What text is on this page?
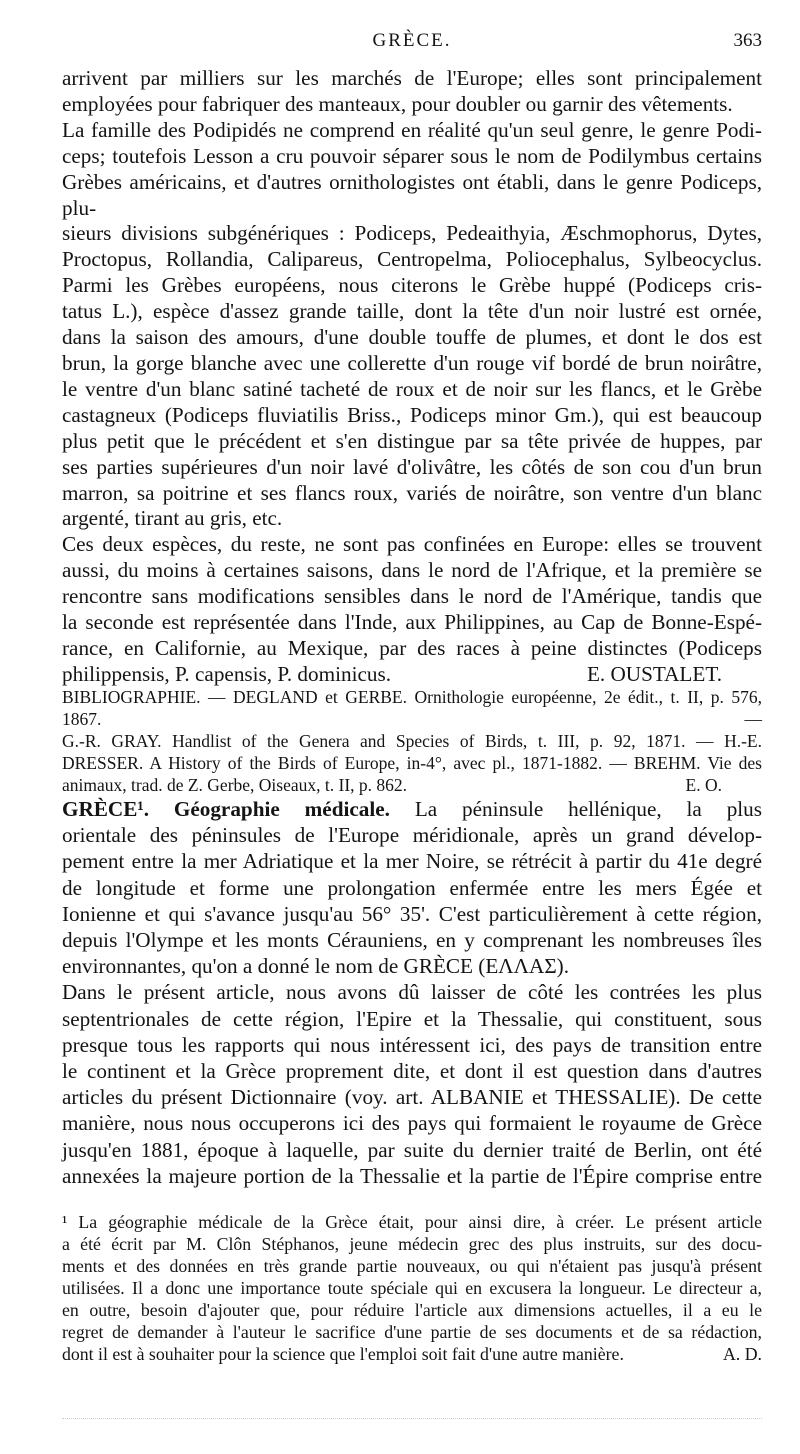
GRÈCE.	363
arrivent par milliers sur les marchés de l'Europe; elles sont principalement
employées pour fabriquer des manteaux, pour doubler ou garnir des vêtements.
La famille des Podipidés ne comprend en réalité qu'un seul genre, le genre Podi-
ceps; toutefois Lesson a cru pouvoir séparer sous le nom de Podilymbus certains
Grèbes américains, et d'autres ornithologistes ont établi, dans le genre Podiceps, plu-
sieurs divisions subgénériques : Podiceps, Pedeaithyia, Æschmophorus, Dytes,
Proctopus, Rollandia, Calipareus, Centropelma, Poliocephalus, Sylbeocyclus.
Parmi les Grèbes européens, nous citerons le Grèbe huppé (Podiceps cris-
tatus L.), espèce d'assez grande taille, dont la tête d'un noir lustré est ornée,
dans la saison des amours, d'une double touffe de plumes, et dont le dos est
brun, la gorge blanche avec une collerette d'un rouge vif bordé de brun noirâtre,
le ventre d'un blanc satiné tacheté de roux et de noir sur les flancs, et le Grèbe
castagneux (Podiceps fluviatilis Briss., Podiceps minor Gm.), qui est beaucoup
plus petit que le précédent et s'en distingue par sa tête privée de huppes, par
ses parties supérieures d'un noir lavé d'olivâtre, les côtés de son cou d'un brun
marron, sa poitrine et ses flancs roux, variés de noirâtre, son ventre d'un blanc
argenté, tirant au gris, etc.
Ces deux espèces, du reste, ne sont pas confinées en Europe: elles se trouvent
aussi, du moins à certaines saisons, dans le nord de l'Afrique, et la première se
rencontre sans modifications sensibles dans le nord de l'Amérique, tandis que
la seconde est représentée dans l'Inde, aux Philippines, au Cap de Bonne-Espé-
rance, en Californie, au Mexique, par des races à peine distinctes (Podiceps
philippensis, P. capensis, P. dominicus.	E. OUSTALET.
BIBLIOGRAPHIE. — DEGLAND et GERBE. Ornithologie européenne, 2e édit., t. II, p. 576, 1867. —
G.-R. GRAY. Handlist of the Genera and Species of Birds, t. III, p. 92, 1871. — H.-E.
DRESSER. A History of the Birds of Europe, in-4°, avec pl., 1871-1882. — BREHM. Vie des
animaux, trad. de Z. Gerbe, Oiseaux, t. II, p. 862.	E. O.
GRÈCE¹. Géographie médicale. La péninsule hellénique, la plus
orientale des péninsules de l'Europe méridionale, après un grand dévelop-
pement entre la mer Adriatique et la mer Noire, se rétrécit à partir du 41e degré
de longitude et forme une prolongation enfermée entre les mers Égée et
Ionienne et qui s'avance jusqu'au 56° 35'. C'est particulièrement à cette région,
depuis l'Olympe et les monts Cérauniens, en y comprenant les nombreuses îles
environnantes, qu'on a donné le nom de GRÈCE (ΕΛΛΑΣ).
Dans le présent article, nous avons dû laisser de côté les contrées les plus
septentrionales de cette région, l'Epire et la Thessalie, qui constituent, sous
presque tous les rapports qui nous intéressent ici, des pays de transition entre
le continent et la Grèce proprement dite, et dont il est question dans d'autres
articles du présent Dictionnaire (voy. art. ALBANIE et THESSALIE). De cette
manière, nous nous occuperons ici des pays qui formaient le royaume de Grèce
jusqu'en 1881, époque à laquelle, par suite du dernier traité de Berlin, ont été
annexées la majeure portion de la Thessalie et la partie de l'Épire comprise entre
¹ La géographie médicale de la Grèce était, pour ainsi dire, à créer. Le présent article
a été écrit par M. Clôn Stéphanos, jeune médecin grec des plus instruits, sur des docu-
ments et des données en très grande partie nouveaux, ou qui n'étaient pas jusqu'à présent
utilisées. Il a donc une importance toute spéciale qui en excusera la longueur. Le directeur a,
en outre, besoin d'ajouter que, pour réduire l'article aux dimensions actuelles, il a eu le
regret de demander à l'auteur le sacrifice d'une partie de ses documents et de sa rédaction,
dont il est à souhaiter pour la science que l'emploi soit fait d'une autre manière.	A. D.
